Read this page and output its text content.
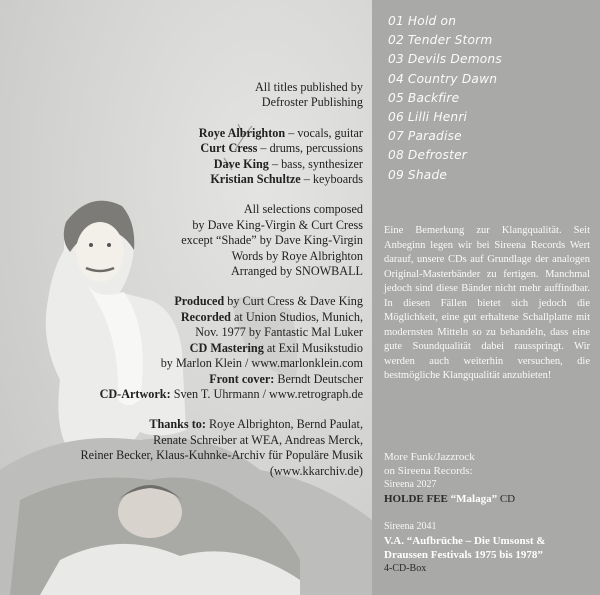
All titles published by

Defroster Publishing

Roye Albrighton – vocals, guitar

Curt Cress – drums, percussions

Dave King – bass, synthesizer

Kristian Schultze – keyboards

All selections composed

by Dave King-Virgin & Curt Cress

except “Shade” by Dave King-Virgin

Words by Roye Albrighton

Arranged by SNOWBALL

Produced by Curt Cress & Dave King

Recorded at Union Studios, Munich,

Nov. 1977 by Fantastic Mal Luker

CD Mastering at Exil Musikstudio

by Marlon Klein / www.marlonklein.com

Front cover: Berndt Deutscher

CD-Artwork: Sven T. Uhrmann / www.retrograph.de

Thanks to: Roye Albrighton, Bernd Paulat,

Renate Schreiber at WEA, Andreas Merck,

Reiner Becker, Klaus-Kuhnke-Archiv für Populäre Musik

(www.kkarchiv.de)

01 Hold on
02 Tender Storm
03 Devils Demons
04 Country Dawn
05 Backfire
06 Lilli Henri
07 Paradise
08 Defroster
09 Shade

Eine Bemerkung zur Klangqualität. Seit Anbeginn legen wir bei Sireena Records Wert darauf, unsere CDs auf Grundlage der analogen Original-Masterbänder zu fertigen. Manchmal jedoch sind diese Bänder nicht mehr auffindbar. In diesen Fällen bietet sich jedoch die Möglichkeit, eine gut erhaltene Schallplatte mit modernsten Mitteln so zu behandeln, dass eine gute Soundqualität dabei rausspringt. Wir werden auch weiterhin versuchen, die bestmögliche Klangqualität anzubieten!

More Funk/Jazzrock

on Sireena Records:

Sireena 2027

HOLDE FEE “Malaga” CD

Sireena 2041

V.A. “Aufbrüche – Die Umsonst &

Draussen Festivals 1975 bis 1978”

4-CD-Box
